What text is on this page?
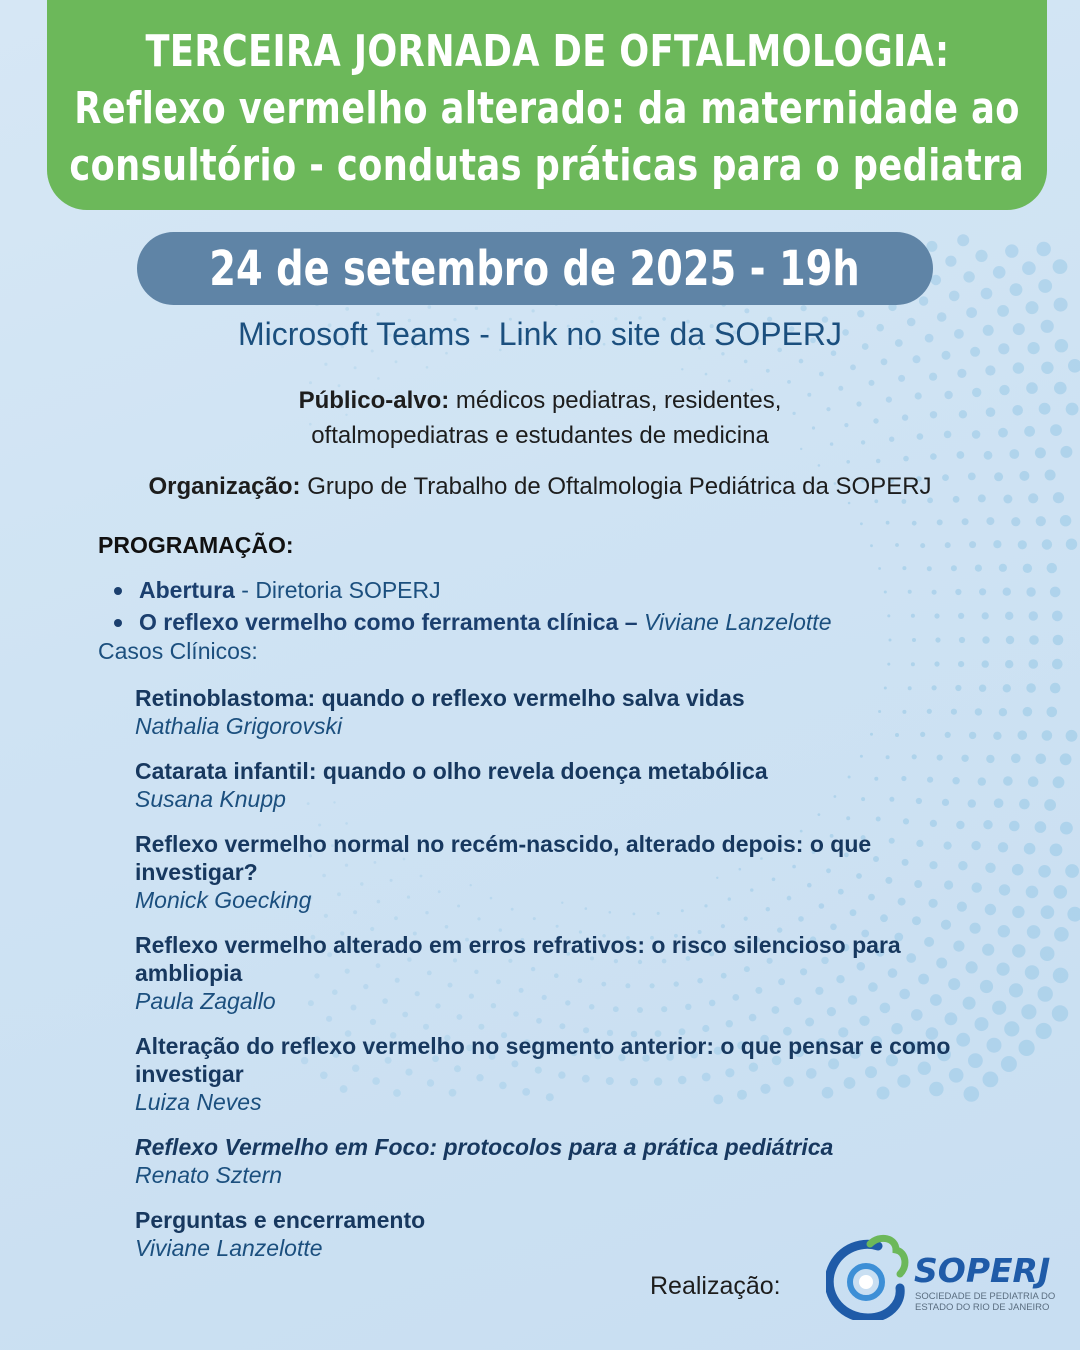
TERCEIRA JORNADA DE OFTALMOLOGIA:
Reflexo vermelho alterado: da maternidade ao
consultório - condutas práticas para o pediatra
24 de setembro de 2025 - 19h
Microsoft Teams - Link no site da SOPERJ
Público-alvo: médicos pediatras, residentes,
oftalmopediatras e estudantes de medicina
Organização: Grupo de Trabalho de Oftalmologia Pediátrica da SOPERJ
PROGRAMAÇÃO:
Abertura - Diretoria SOPERJ
O reflexo vermelho como ferramenta clínica – Viviane Lanzelotte
Casos Clínicos:
Retinoblastoma: quando o reflexo vermelho salva vidas
Nathalia Grigorovski
Catarata infantil: quando o olho revela doença metabólica
Susana Knupp
Reflexo vermelho normal no recém-nascido, alterado depois: o que investigar?
Monick Goecking
Reflexo vermelho alterado em erros refrativos: o risco silencioso para ambliopia
Paula Zagallo
Alteração do reflexo vermelho no segmento anterior: o que pensar e como investigar
Luiza Neves
Reflexo Vermelho em Foco: protocolos para a prática pediátrica
Renato Sztern
Perguntas e encerramento
Viviane Lanzelotte
Realização:	SOPERJ
SOCIEDADE DE PEDIATRIA DO
ESTADO DO RIO DE JANEIRO
